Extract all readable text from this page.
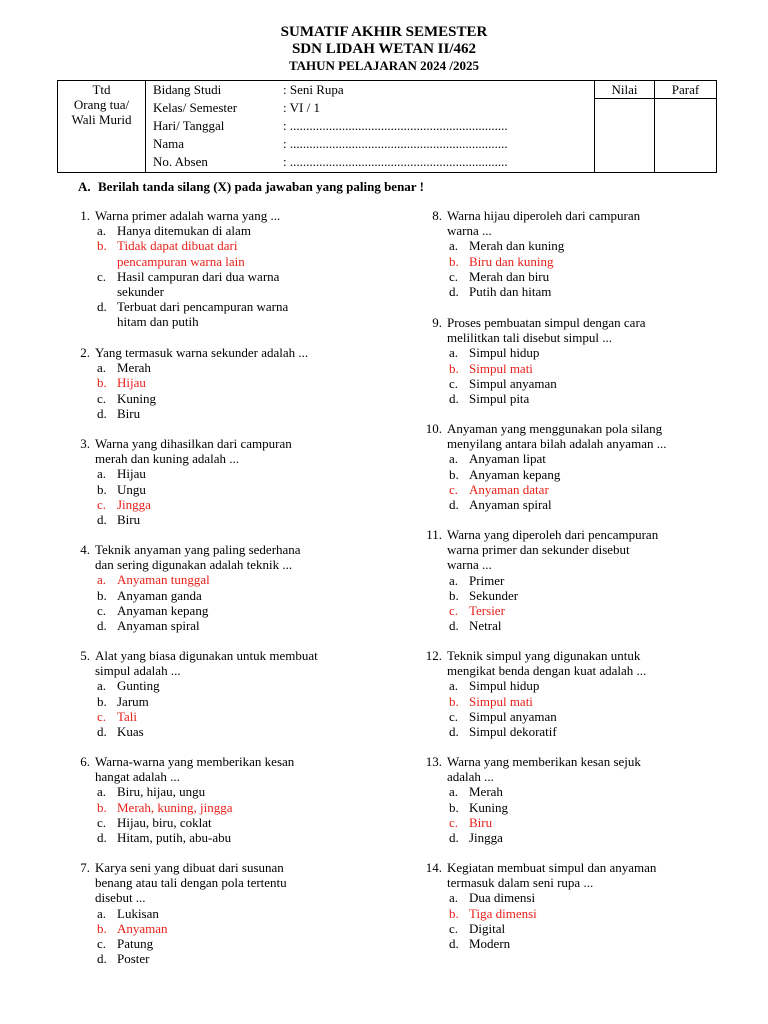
SUMATIF AKHIR SEMESTER
SDN LIDAH WETAN II/462
TAHUN PELAJARAN 2024 /2025
Ttd
Orang tua/
Wali Murid
Bidang Studi	: Seni Rupa
Kelas/ Semester	: VI / 1
Hari/ Tanggal	: ...................................................................
Nama	: ...................................................................
No. Absen	: ...................................................................
Nilai	Paraf
A. Berilah tanda silang (X) pada jawaban yang paling benar !
1. Warna primer adalah warna yang ...
a. Hanya ditemukan di alam
b. Tidak dapat dibuat dari
pencampuran warna lain
c. Hasil campuran dari dua warna
sekunder
d. Terbuat dari pencampuran warna
hitam dan putih
2. Yang termasuk warna sekunder adalah ...
a. Merah
b. Hijau
c. Kuning
d. Biru
3. Warna yang dihasilkan dari campuran
merah dan kuning adalah ...
a. Hijau
b. Ungu
c. Jingga
d. Biru
4. Teknik anyaman yang paling sederhana
dan sering digunakan adalah teknik ...
a. Anyaman tunggal
b. Anyaman ganda
c. Anyaman kepang
d. Anyaman spiral
5. Alat yang biasa digunakan untuk membuat
simpul adalah ...
a. Gunting
b. Jarum
c. Tali
d. Kuas
6. Warna-warna yang memberikan kesan
hangat adalah ...
a. Biru, hijau, ungu
b. Merah, kuning, jingga
c. Hijau, biru, coklat
d. Hitam, putih, abu-abu
7. Karya seni yang dibuat dari susunan
benang atau tali dengan pola tertentu
disebut ...
a. Lukisan
b. Anyaman
c. Patung
d. Poster
8. Warna hijau diperoleh dari campuran
warna ...
a. Merah dan kuning
b. Biru dan kuning
c. Merah dan biru
d. Putih dan hitam
9. Proses pembuatan simpul dengan cara
melilitkan tali disebut simpul ...
a. Simpul hidup
b. Simpul mati
c. Simpul anyaman
d. Simpul pita
10. Anyaman yang menggunakan pola silang
menyilang antara bilah adalah anyaman ...
a. Anyaman lipat
b. Anyaman kepang
c. Anyaman datar
d. Anyaman spiral
11. Warna yang diperoleh dari pencampuran
warna primer dan sekunder disebut
warna ...
a. Primer
b. Sekunder
c. Tersier
d. Netral
12. Teknik simpul yang digunakan untuk
mengikat benda dengan kuat adalah ...
a. Simpul hidup
b. Simpul mati
c. Simpul anyaman
d. Simpul dekoratif
13. Warna yang memberikan kesan sejuk
adalah ...
a. Merah
b. Kuning
c. Biru
d. Jingga
14. Kegiatan membuat simpul dan anyaman
termasuk dalam seni rupa ...
a. Dua dimensi
b. Tiga dimensi
c. Digital
d. Modern
